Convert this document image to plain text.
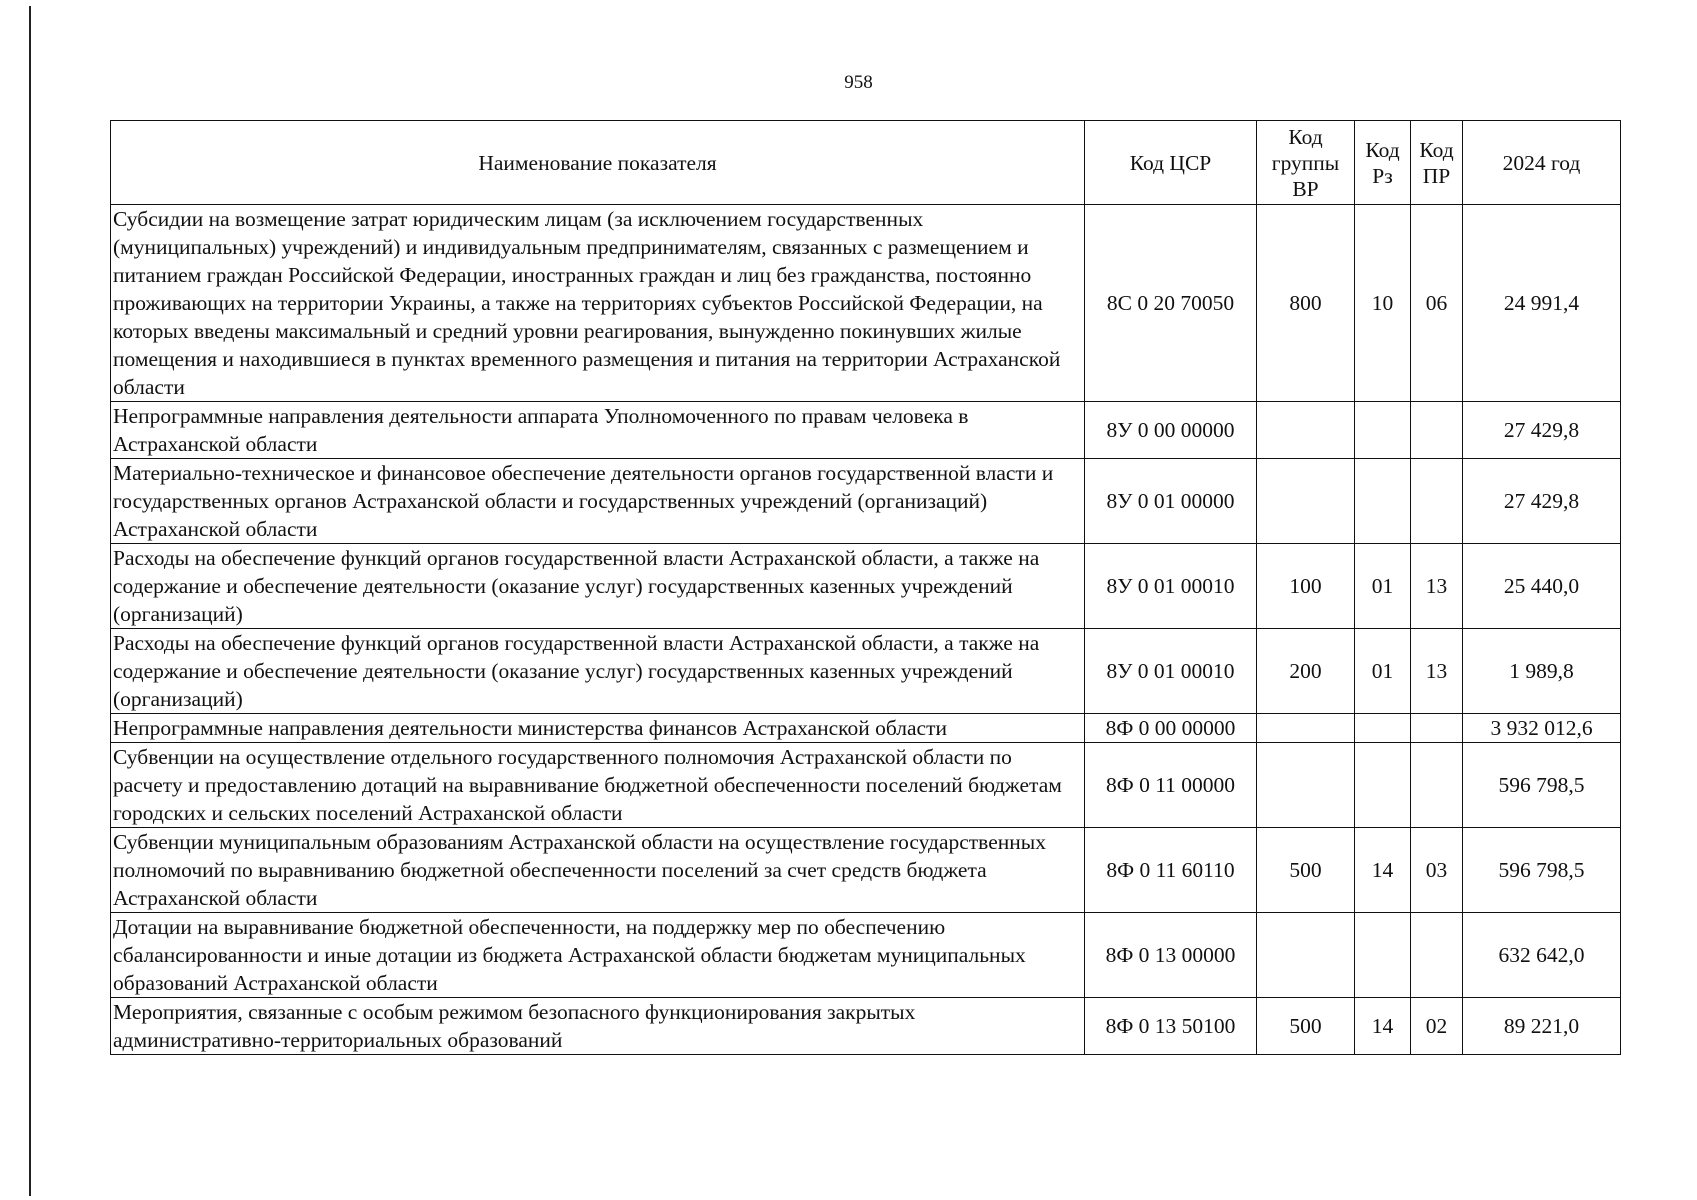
958
Наименование показателя	Код ЦСР	Код группы ВР	Код Рз	Код ПР	2024 год
Субсидии на возмещение затрат юридическим лицам (за исключением государственных (муниципальных) учреждений) и индивидуальным предпринимателям, связанных с размещением и питанием граждан Российской Федерации, иностранных граждан и лиц без гражданства, постоянно проживающих на территории Украины, а также на территориях субъектов Российской Федерации, на которых введены максимальный и средний уровни реагирования, вынужденно покинувших жилые помещения и находившиеся в пунктах временного размещения и питания на территории Астраханской области	8С 0 20 70050	800	10	06	24 991,4
Непрограммные направления деятельности аппарата Уполномоченного по правам человека в Астраханской области	8У 0 00 00000				27 429,8
Материально-техническое и финансовое обеспечение деятельности органов государственной власти и государственных органов Астраханской области и государственных учреждений (организаций) Астраханской области	8У 0 01 00000				27 429,8
Расходы на обеспечение функций органов государственной власти Астраханской области, а также на содержание и обеспечение деятельности (оказание услуг) государственных казенных учреждений (организаций)	8У 0 01 00010	100	01	13	25 440,0
Расходы на обеспечение функций органов государственной власти Астраханской области, а также на содержание и обеспечение деятельности (оказание услуг) государственных казенных учреждений (организаций)	8У 0 01 00010	200	01	13	1 989,8
Непрограммные направления деятельности министерства финансов Астраханской области	8Ф 0 00 00000				3 932 012,6
Субвенции на осуществление отдельного государственного полномочия Астраханской области по расчету и предоставлению дотаций на выравнивание бюджетной обеспеченности поселений бюджетам городских и сельских поселений Астраханской области	8Ф 0 11 00000				596 798,5
Субвенции муниципальным образованиям Астраханской области на осуществление государственных полномочий по выравниванию бюджетной обеспеченности поселений за счет средств бюджета Астраханской области	8Ф 0 11 60110	500	14	03	596 798,5
Дотации на выравнивание бюджетной обеспеченности, на поддержку мер по обеспечению сбалансированности и иные дотации из бюджета Астраханской области бюджетам муниципальных образований Астраханской области	8Ф 0 13 00000				632 642,0
Мероприятия, связанные с особым режимом безопасного функционирования закрытых административно-территориальных образований	8Ф 0 13 50100	500	14	02	89 221,0
